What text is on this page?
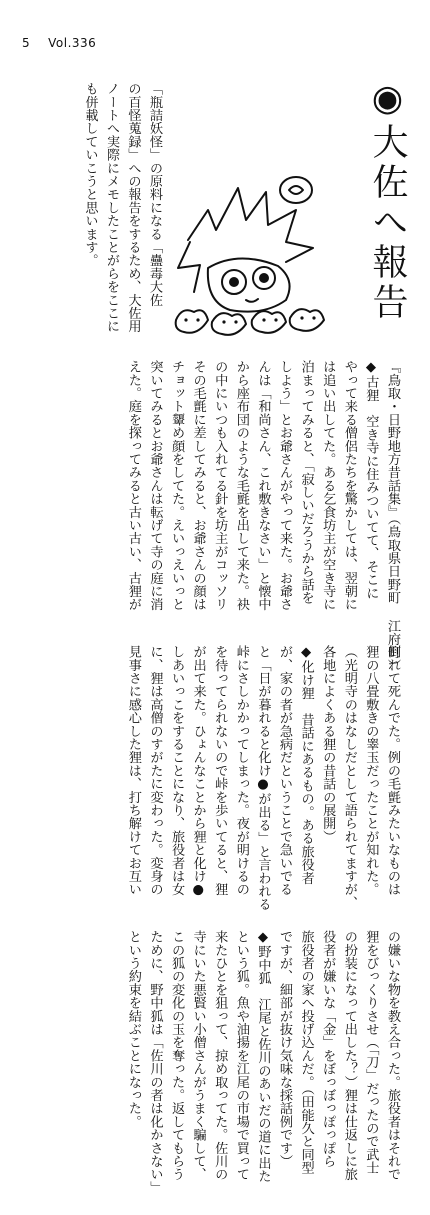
5 Vol.336
◉大佐へ報告
「瓶詰妖怪」の原料になる「蠱毒大佐
の百怪蒐録」への報告をするため、大佐用
ノートへ実際にメモしたことがらをここに
も併載していこうと思います。
『鳥取・日野地方昔話集』（鳥取県日野町 江府町）
◆古狸　空き寺に住みついてて、そこに
やって来る僧侶たちを驚かしては、翌朝に
は追い出してた。ある乞食坊主が空き寺に
泊まってみると、「寂しいだろうから話を
しよう」とお爺さんがやって来た。お爺さ
んは「和尚さん、これ敷きなさい」と懐中
から座布団のような毛氈を出して来た。袂
の中にいつも入れてる針を坊主がコッソリ
その毛氈に差してみると、お爺さんの顔は
チョット顰め顔をしてた。えいっえいっと
突いてみるとお爺さんは転げて寺の庭に消
えた。庭を探ってみると古い古い、古狸が
倒れて死んでた。例の毛氈みたいなものは
狸の八畳敷きの睾玉だったことが知れた。
（光明寺のはなしだとして語られてますが、
各地によくある狸の昔話の展開）
◆化け狸　昔話にあるもの。ある旅役者
が、家の者が急病だということで急いでる
と「日が暮れると化け●が出る」と言われる
峠にさしかかってしまった。夜が明けるの
を待ってられないので峠を歩いてると、狸
が出て来た。ひょんなことから狸と化け●
しあいっこをすることになり、旅役者は女
に、狸は高僧のすがたに変わった。変身の
見事さに感心した狸は、打ち解けてお互い
の嫌いな物を教え合った。旅役者はそれで
狸をびっくりさせ（「刀」だったので武士
の扮装になって出した？）狸は仕返しに旅
役者が嫌いな「金」をぼっぼっぽっぽら
旅役者の家へ投げ込んだ。（田能久と同型
ですが、細部が抜け気味な採話例です）
◆野中狐　江尾と佐川のあいだの道に出た
という狐。魚や油揚を江尾の市場で買って
来たひとを狙って、掠め取ってた。佐川の
寺にいた悪賢い小僧さんがうまく騙して、
この狐の変化の玉を奪った。返してもらう
ために、野中狐は「佐川の者は化かさない」
という約束を結ぶことになった。
